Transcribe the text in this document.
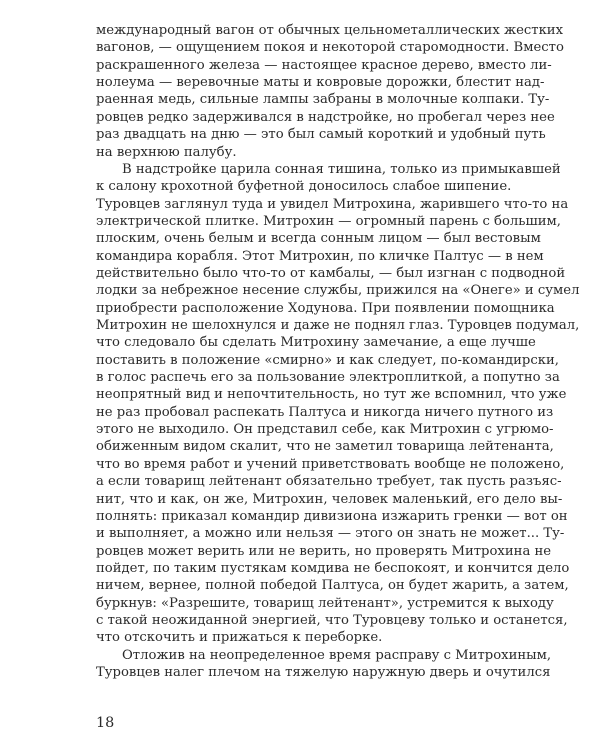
международный вагон от обычных цельнометаллических жестких
вагонов, — ощущением покоя и некоторой старомодности. Вместо
раскрашенного железа — настоящее красное дерево, вместо ли-
нолеума — веревочные маты и ковровые дорожки, блестит над-
раенная медь, сильные лампы забраны в молочные колпаки. Ту-
ровцев редко задерживался в надстройке, но пробегал через нее
раз двадцать на дню — это был самый короткий и удобный путь
на верхнюю палубу.
В надстройке царила сонная тишина, только из примыкавшей
к салону крохотной буфетной доносилось слабое шипение.
Туровцев заглянул туда и увидел Митрохина, жарившего что-то на
электрической плитке. Митрохин — огромный парень с большим,
плоским, очень белым и всегда сонным лицом — был вестовым
командира корабля. Этот Митрохин, по кличке Палтус — в нем
действительно было что-то от камбалы, — был изгнан с подводной
лодки за небрежное несение службы, прижился на «Онеге» и сумел
приобрести расположение Ходунова. При появлении помощника
Митрохин не шелохнулся и даже не поднял глаз. Туровцев подумал,
что следовало бы сделать Митрохину замечание, а еще лучше
поставить в положение «смирно» и как следует, по-командирски,
в голос распечь его за пользование электроплиткой, а попутно за
неопрятный вид и непочтительность, но тут же вспомнил, что уже
не раз пробовал распекать Палтуса и никогда ничего путного из
этого не выходило. Он представил себе, как Митрохин с угрюмо-
обиженным видом скалит, что не заметил товарища лейтенанта,
что во время работ и учений приветствовать вообще не положено,
а если товарищ лейтенант обязательно требует, так пусть разъяс-
нит, что и как, он же, Митрохин, человек маленький, его дело вы-
полнять: приказал командир дивизиона изжарить гренки — вот он
и выполняет, а можно или нельзя — этого он знать не может... Ту-
ровцев может верить или не верить, но проверять Митрохина не
пойдет, по таким пустякам комдива не беспокоят, и кончится дело
ничем, вернее, полной победой Палтуса, он будет жарить, а затем,
буркнув: «Разрешите, товарищ лейтенант», устремится к выходу
с такой неожиданной энергией, что Туровцеву только и останется,
что отскочить и прижаться к переборке.
Отложив на неопределенное время расправу с Митрохиным,
Туровцев налег плечом на тяжелую наружную дверь и очутился
18
